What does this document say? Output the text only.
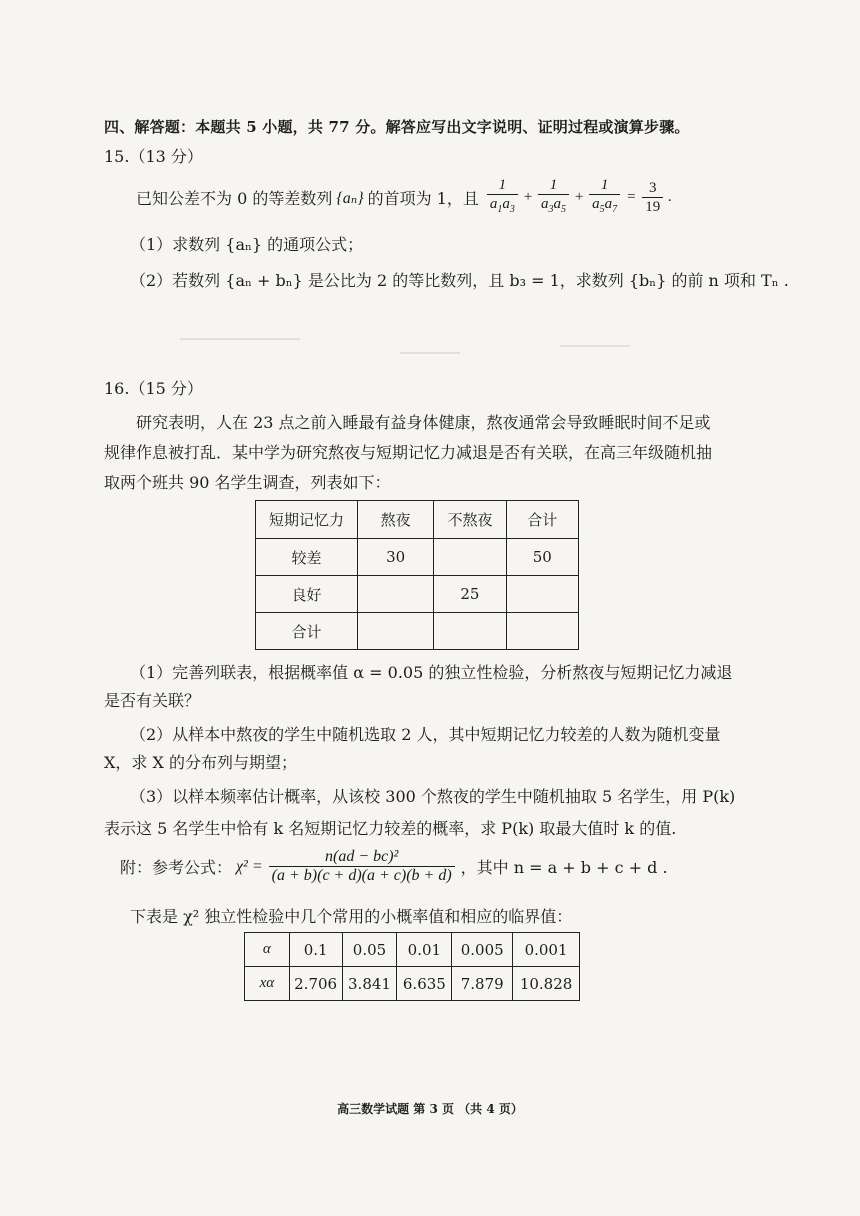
四、解答题：本题共 5 小题，共 77 分。解答应写出文字说明、证明过程或演算步骤。
15.（13 分）
已知公差不为 0 的等差数列 {aₙ} 的首项为 1，且 $\frac{1}{a_1a_3} + \frac{1}{a_3a_5} + \frac{1}{a_5a_7} = \frac{3}{19}$ .
（1）求数列 {aₙ} 的通项公式；
（2）若数列 {aₙ + bₙ} 是公比为 2 的等比数列，且 b₃ = 1，求数列 {bₙ} 的前 n 项和 Tₙ .
16.（15 分）
研究表明，人在 23 点之前入睡最有益身体健康，熬夜通常会导致睡眠时间不足或
规律作息被打乱．某中学为研究熬夜与短期记忆力减退是否有关联，在高三年级随机抽
取两个班共 90 名学生调查，列表如下：
短期记忆力	熬夜	不熬夜	合计
较差	30		50
良好		25	
合计			
（1）完善列联表，根据概率值 α = 0.05 的独立性检验，分析熬夜与短期记忆力减退
是否有关联？
（2）从样本中熬夜的学生中随机选取 2 人，其中短期记忆力较差的人数为随机变量
X，求 X 的分布列与期望；
（3）以样本频率估计概率，从该校 300 个熬夜的学生中随机抽取 5 名学生，用 P(k)
表示这 5 名学生中恰有 k 名短期记忆力较差的概率，求 P(k) 取最大值时 k 的值.
附：参考公式： $\chi^2 = \frac{\text{n(ad − bc)²}}{(a + b)(c + d)(a + c)(b + d)}$ ，其中 n = a + b + c + d .
下表是 χ² 独立性检验中几个常用的小概率值和相应的临界值：
α	0.1	0.05	0.01	0.005	0.001
xα	2.706	3.841	6.635	7.879	10.828
高三数学试题 第 3 页 （共 4 页）
